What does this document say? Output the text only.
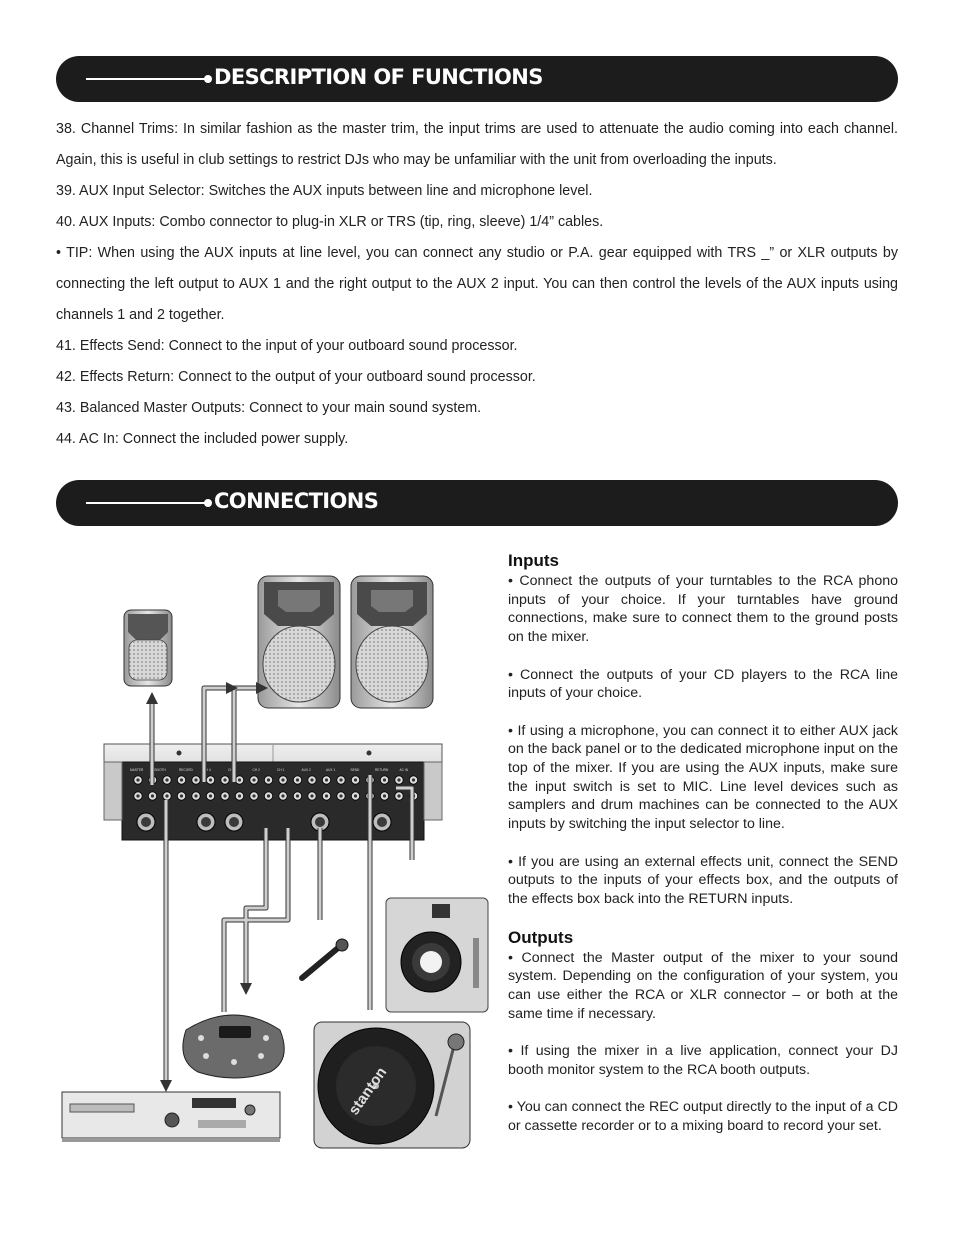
DESCRIPTION OF FUNCTIONS

38. Channel Trims: In similar fashion as the master trim, the input trims are used to attenuate the audio coming into each channel. Again, this is useful in club settings to restrict DJs who may be unfamiliar with the unit from overloading the inputs.

39. AUX Input Selector: Switches the AUX inputs between line and microphone level.

40. AUX Inputs: Combo connector to plug-in XLR or TRS (tip, ring, sleeve) 1/4” cables.

• TIP: When using the AUX inputs at line level, you can connect any studio or P.A. gear equipped with TRS _” or XLR outputs by connecting the left output to AUX 1 and the right output to the AUX 2 input. You can then control the levels of the AUX inputs using channels 1 and 2 together.

41. Effects Send: Connect to the input of your outboard sound processor.

42. Effects Return: Connect to the output of your outboard sound processor.

43. Balanced Master Outputs: Connect to your main sound system.

44. AC In: Connect the included power supply.

CONNECTIONS
MASTER	BOOTH	RECORD	CH 4	CH 3	CH 2	CH 1	AUX 2	AUX 1	SEND	RETURN	AC IN
stanton
Inputs

• Connect the outputs of your turntables to the RCA phono inputs of your choice. If your turntables have ground connections, make sure to connect them to the ground posts on the mixer.

• Connect the outputs of your CD players to the RCA line inputs of your choice.

• If using a microphone, you can connect it to either AUX jack on the back panel or to the dedicated microphone input on the top of the mixer. If you are using the AUX inputs, make sure the input switch is set to MIC. Line level devices such as samplers and drum machines can be connected to the AUX inputs by switching the input selector to line.

• If you are using an external effects unit, connect the SEND outputs to the inputs of your effects box, and the outputs of the effects box back into the RETURN inputs.

Outputs

• Connect the Master output of the mixer to your sound system. Depending on the configuration of your system, you can use either the RCA or XLR connector – or both at the same time if necessary.

• If using the mixer in a live application, connect your DJ booth monitor system to the RCA booth outputs.

• You can connect the REC output directly to the input of a CD or cassette recorder or to a mixing board to record your set.
